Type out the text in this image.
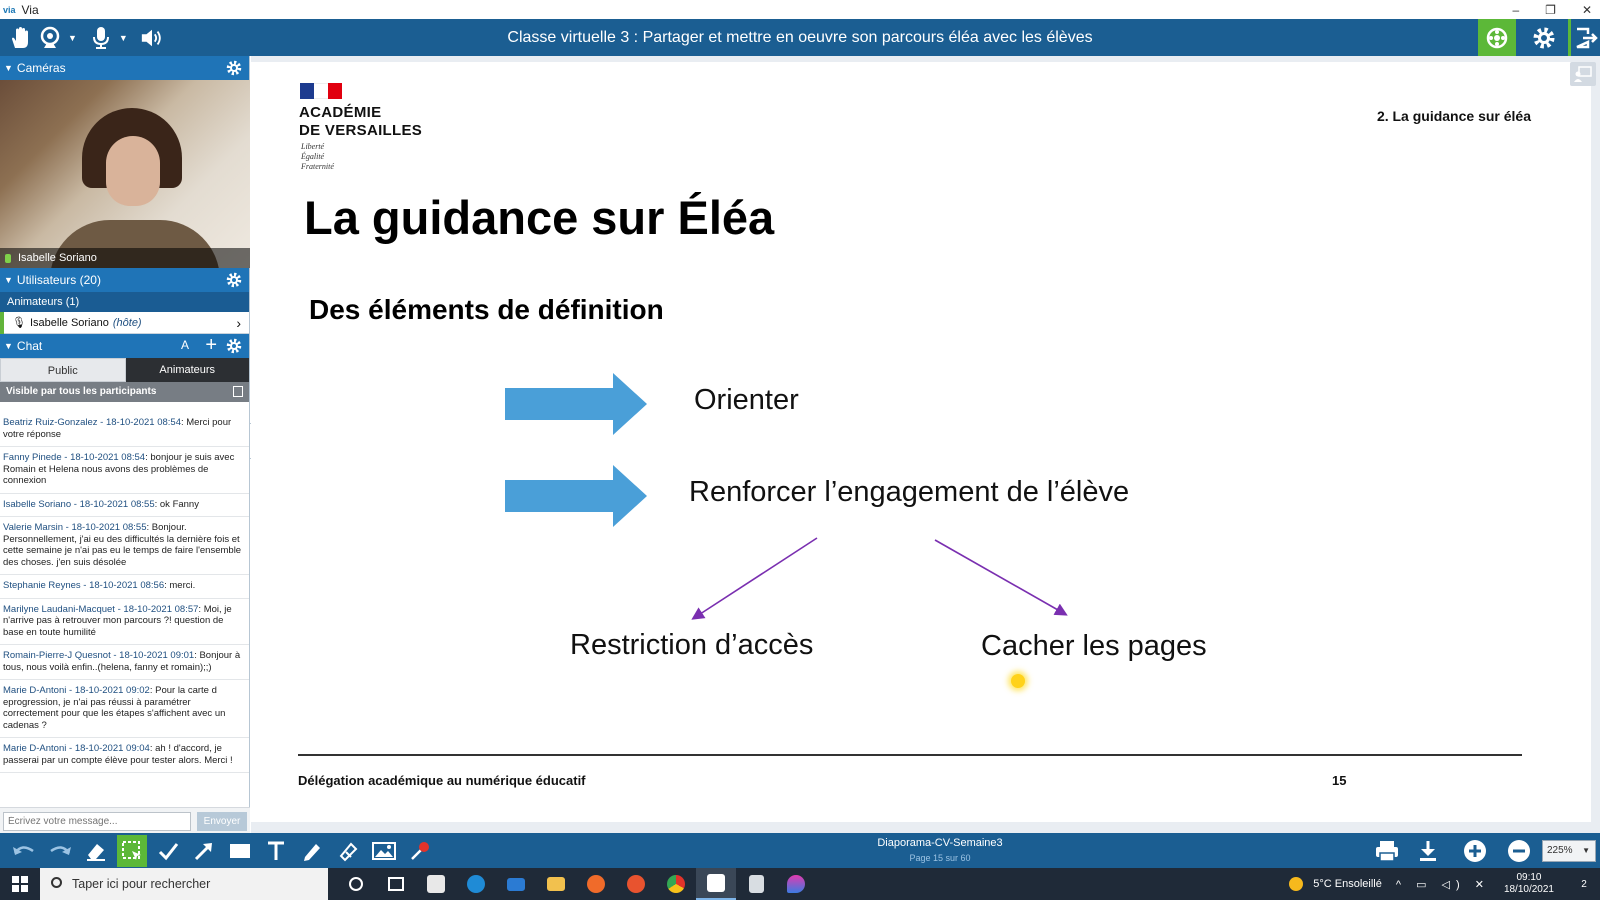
via Via	– ❐ ✕
▼	▼	Classe virtuelle 3 : Partager et mettre en oeuvre son parcours éléa avec les élèves
▼ Caméras
Isabelle Soriano
▼ Utilisateurs (20)
Animateurs (1)
🎙 Isabelle Soriano (hôte)	›
▼ Chat	A +
Public	Animateurs
Visible par tous les participants
Beatriz Ruiz-Gonzalez - 18-10-2021 08:54: Merci pour votre réponse
Fanny Pinede - 18-10-2021 08:54: bonjour je suis avec Romain et Helena nous avons des problèmes de connexion
Isabelle Soriano - 18-10-2021 08:55: ok Fanny
Valerie Marsin - 18-10-2021 08:55: Bonjour. Personnellement, j'ai eu des difficultés la dernière fois et cette semaine je n'ai pas eu le temps de faire l'ensemble des choses. j'en suis désolée
Stephanie Reynes - 18-10-2021 08:56: merci.
Marilyne Laudani-Macquet - 18-10-2021 08:57: Moi, je n'arrive pas à retrouver mon parcours ?! question de base en toute humilité
Romain-Pierre-J Quesnot - 18-10-2021 09:01: Bonjour à tous, nous voilà enfin..(helena, fanny et romain);;)
Marie D-Antoni - 18-10-2021 09:02: Pour la carte d eprogression, je n'ai pas réussi à paramétrer correctement pour que les étapes s'affichent avec un cadenas ?
Marie D-Antoni - 18-10-2021 09:04: ah ! d'accord, je passerai par un compte élève pour tester alors. Merci !
Écrivez votre message...
Envoyer
ACADÉMIE
DE VERSAILLES
Liberté
Égalité
Fraternité
2. La guidance sur éléa
La guidance sur Éléa
Des éléments de définition
Orienter
Renforcer l’engagement de l’élève
Restriction d’accès	Cacher les pages
Délégation académique au numérique éducatif	15
Diaporama-CV-Semaine3
Page 15 sur 60
225% ▼
Taper ici pour rechercher	5°C Ensoleillé ^ ▭ ◁) ✕
09:10
18/10/2021	2
